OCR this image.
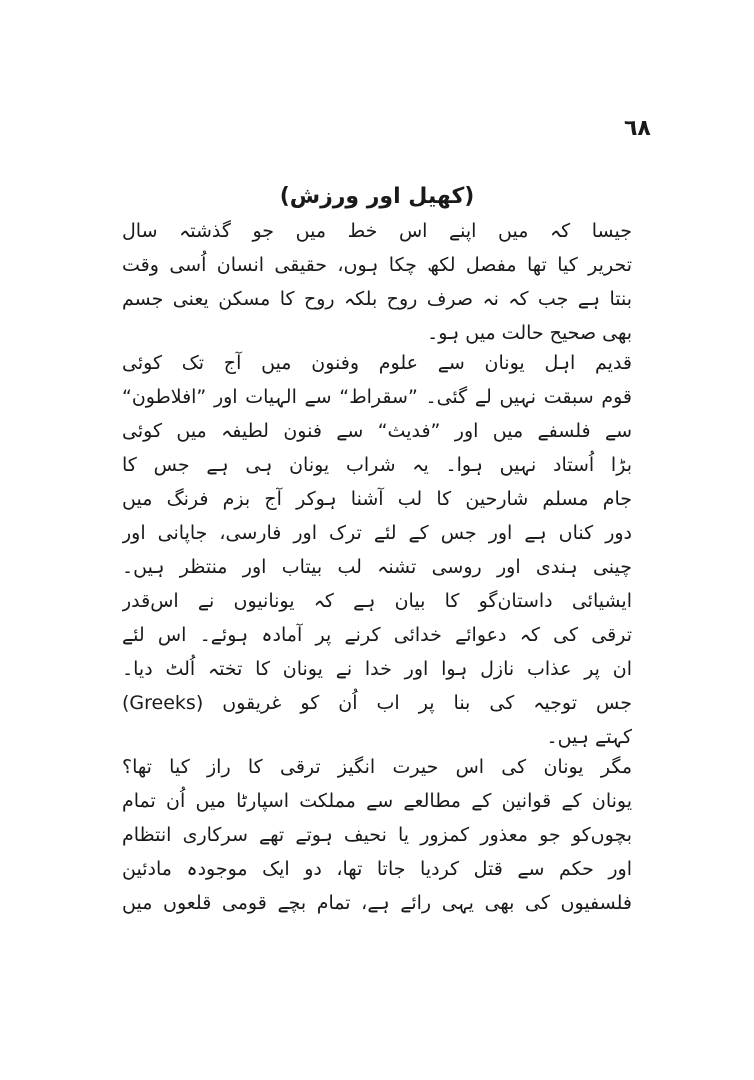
٦٨
(کھیل اور ورزش)

جیسا کہ میں اپنے اس خط میں جو گذشتہ سال
تحریر کیا تھا مفصل لکھ چکا ہوں، حقیقی انسان اُسی وقت
بنتا ہے جب کہ نہ صرف روح بلکہ روح کا مسکن یعنی جسم
بھی صحیح حالت میں ہو۔

قدیم اہل یونان سے علوم وفنون میں آج تک کوئی
قوم سبقت نہیں لے گئی۔ ”سقراط“ سے الہیات اور ”افلاطون“
سے فلسفے میں اور ”فدیث“ سے فنون لطیفہ میں کوئی
بڑا اُستاد نہیں ہوا۔ یہ شراب یونان ہی ہے جس کا
جام مسلم شارحین کا لب آشنا ہوکر آج بزم فرنگ میں
دور کناں ہے اور جس کے لئے ترک اور فارسی، جاپانی اور
چینی ہندی اور روسی تشنہ لب بیتاب اور منتظر ہیں۔
ایشیائی داستان‌گو کا بیان ہے کہ یونانیوں نے اس‌قدر
ترقی کی کہ دعوائے خدائی کرنے پر آمادہ ہوئے۔ اس لئے
ان پر عذاب نازل ہوا اور خدا نے یونان کا تختہ اُلٹ دیا۔
جس توجیہ کی بنا پر اب اُن کو غریقوں (Greeks)
کہتے ہیں۔

مگر یونان کی اس حیرت انگیز ترقی کا راز کیا تھا؟
یونان کے قوانین کے مطالعے سے مملکت اسپارٹا میں اُن تمام
بچوں‌کو جو معذور کمزور یا نحیف ہوتے تھے سرکاری انتظام
اور حکم سے قتل کردیا جاتا تھا، دو ایک موجودہ مادئین
فلسفیوں کی بھی یہی رائے ہے، تمام بچے قومی قلعوں میں
